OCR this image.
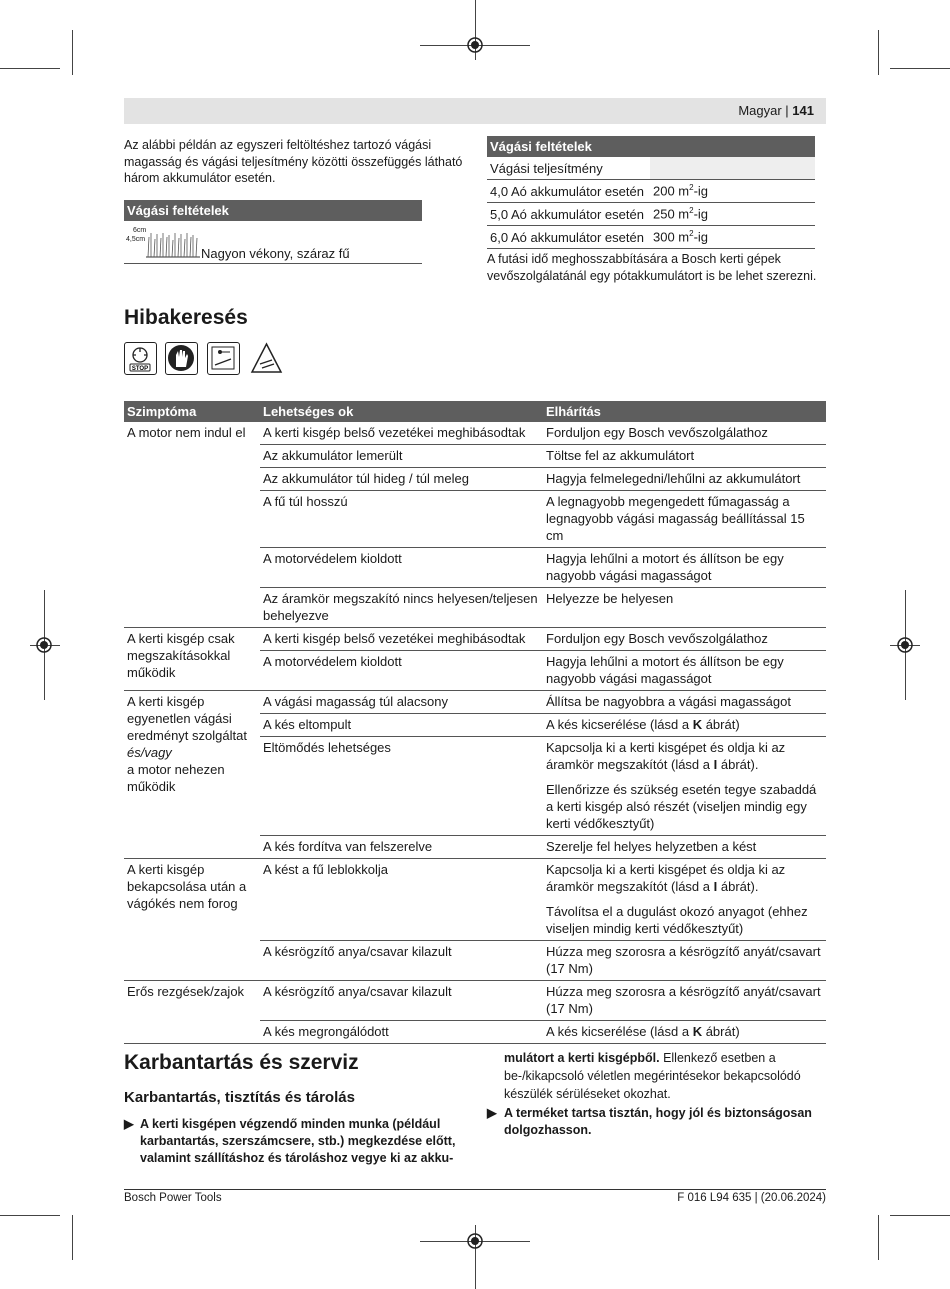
Magyar | 141
Az alábbi példán az egyszeri feltöltéshez tartozó vágási magasság és vágási teljesítmény közötti összefüggés látható három akkumulátor esetén.
Vágási feltételek
6cm
4,5cm
Nagyon vékony, száraz fű
Vágási feltételek
Vágási teljesítmény	
4,0 Aó akkumulátor esetén	200 $m^2-ig$
5,0 Aó akkumulátor esetén	250 $m^2-ig$
6,0 Aó akkumulátor esetén	300 $m^2-ig$
A futási idő meghosszabbítására a Bosch kerti gépek vevőszolgálatánál egy pótakkumulátort is be lehet szerezni.
Hibakeresés
STOP
Szimptóma	Lehetséges ok	Elhárítás
A motor nem indul el	A kerti kisgép belső vezetékei meghibásodtak	Forduljon egy Bosch vevőszolgálathoz
	Az akkumulátor lemerült	Töltse fel az akkumulátort
	Az akkumulátor túl hideg / túl meleg	Hagyja felmelegedni/lehűlni az akkumulátort
	A fű túl hosszú	A legnagyobb megengedett fűmagasság a legnagyobb vágási magasság beállítással 15 cm
	A motorvédelem kioldott	Hagyja lehűlni a motort és állítson be egy nagyobb vágási magasságot
	Az áramkör megszakító nincs helyesen/teljesen behelyezve	Helyezze be helyesen
A kerti kisgép csak megszakításokkal működik	A kerti kisgép belső vezetékei meghibásodtak	Forduljon egy Bosch vevőszolgálathoz
	A motorvédelem kioldott	Hagyja lehűlni a motort és állítson be egy nagyobb vágási magasságot
A kerti kisgép egyenetlen vágási eredményt szolgáltat
és/vagy
a motor nehezen működik	A vágási magasság túl alacsony	Állítsa be nagyobbra a vágási magasságot
	A kés eltompult	A kés kicserélése (lásd a K ábrát)
	Eltömődés lehetséges	Kapcsolja ki a kerti kisgépet és oldja ki az áramkör megszakítót (lásd a I ábrát).
Ellenőrizze és szükség esetén tegye szabaddá a kerti kisgép alsó részét (viseljen mindig egy kerti védőkesztyűt)

	A kés fordítva van felszerelve	Szerelje fel helyes helyzetben a kést
A kerti kisgép bekapcsolása után a vágókés nem forog	A kést a fű leblokkolja	Kapcsolja ki a kerti kisgépet és oldja ki az áramkör megszakítót (lásd a I ábrát).
Távolítsa el a dugulást okozó anyagot (ehhez viseljen mindig kerti védőkesztyűt)

	A késrögzítő anya/csavar kilazult	Húzza meg szorosra a késrögzítő anyát/csavart (17 Nm)
Erős rezgések/zajok	A késrögzítő anya/csavar kilazult	Húzza meg szorosra a késrögzítő anyát/csavart (17 Nm)
	A kés megrongálódott	A kés kicserélése (lásd a K ábrát)
Karbantartás és szerviz
Karbantartás, tisztítás és tárolás
▶ A kerti kisgépen végzendő minden munka (például karbantartás, szerszámcsere, stb.) megkezdése előtt, valamint szállításhoz és tároláshoz vegye ki az akku-
mulátort a kerti kisgépből. Ellenkező esetben a be-/kikapcsoló véletlen megérintésekor bekapcsolódó készülék sérüléseket okozhat.
▶ A terméket tartsa tisztán, hogy jól és biztonságosan dolgozhasson.
Bosch Power Tools	F 016 L94 635 | (20.06.2024)
